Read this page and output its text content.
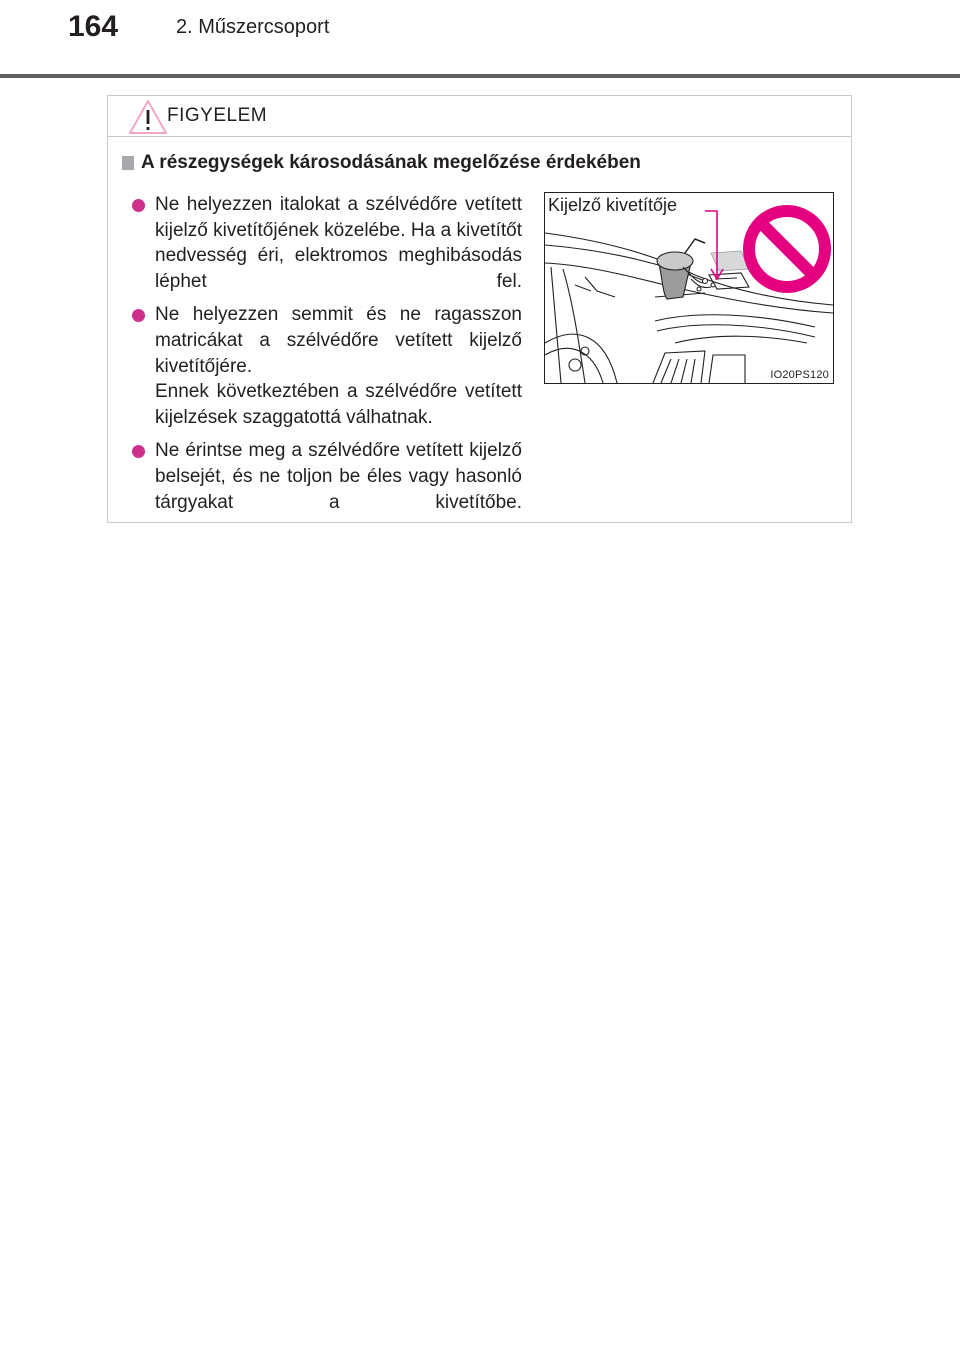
164	2. Műszercsoport
FIGYELEM
A részegységek károsodásának megelőzése érdekében
Ne helyezzen italokat a szélvédőre vetített kijelző kivetítőjének közelébe. Ha a kivetítőt nedvesség éri, elektromos meghibásodás léphet fel.
Ne helyezzen semmit és ne ragasszon matricákat a szélvédőre vetített kijelző kivetítőjére.
Ennek következtében a szélvédőre vetített kijelzések szaggatottá válhatnak.
Ne érintse meg a szélvédőre vetített kijelző belsejét, és ne toljon be éles vagy hasonló tárgyakat a kivetítőbe.
Kijelző kivetítője
IO20PS120
